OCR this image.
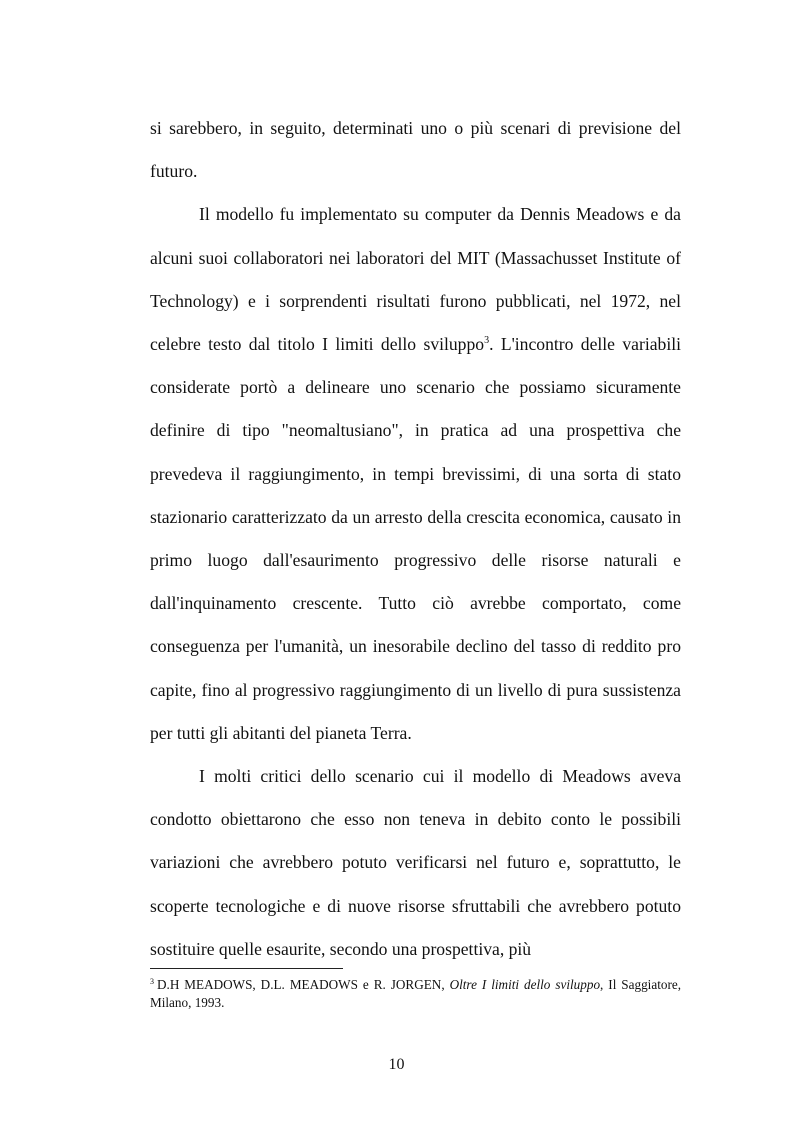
si sarebbero, in seguito, determinati uno o più scenari di previsione del futuro.

Il modello fu implementato su computer da Dennis Meadows e da alcuni suoi collaboratori nei laboratori del MIT (Massachusset Institute of Technology) e i sorprendenti risultati furono pubblicati, nel 1972, nel celebre testo dal titolo I limiti dello sviluppo$^3$. L'incontro delle variabili considerate portò a delineare uno scenario che possiamo sicuramente definire di tipo "neomaltusiano", in pratica ad una prospettiva che prevedeva il raggiungimento, in tempi brevissimi, di una sorta di stato stazionario caratterizzato da un arresto della crescita economica, causato in primo luogo dall'esaurimento progressivo delle risorse naturali e dall'inquinamento crescente. Tutto ciò avrebbe comportato, come conseguenza per l'umanità, un inesorabile declino del tasso di reddito pro capite, fino al progressivo raggiungimento di un livello di pura sussistenza per tutti gli abitanti del pianeta Terra.

I molti critici dello scenario cui il modello di Meadows aveva condotto obiettarono che esso non teneva in debito conto le possibili variazioni che avrebbero potuto verificarsi nel futuro e, soprattutto, le scoperte tecnologiche e di nuove risorse sfruttabili che avrebbero potuto sostituire quelle esaurite, secondo una prospettiva, più

$^3$ D.H MEADOWS, D.L. MEADOWS e R. JORGEN, Oltre I limiti dello sviluppo, Il Saggiatore, Milano, 1993.

10
